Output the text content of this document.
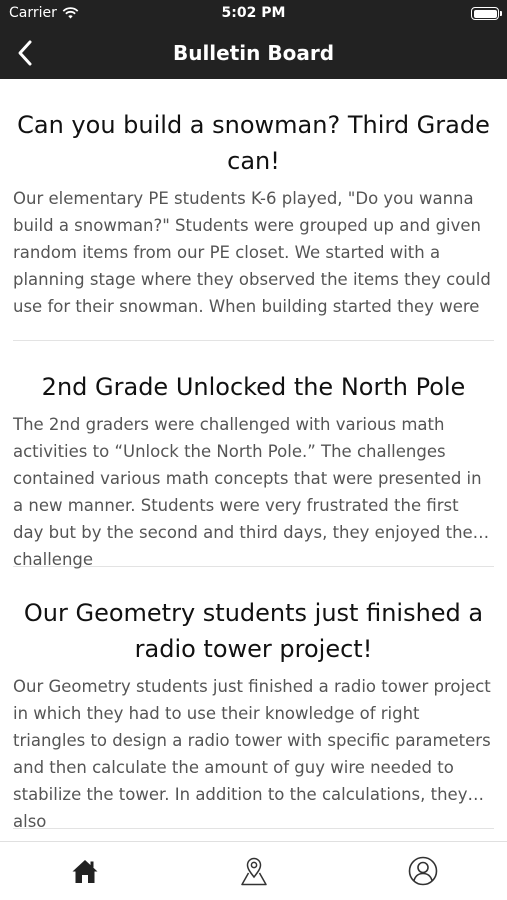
Carrier	5:02 PM
Bulletin Board
Can you build a snowman? Third Grade can!
Our elementary PE students K-6 played, "Do you wanna build a snowman?" Students were grouped up and given random items from our PE closet. We started with a planning stage where they observed the items they could use for their snowman. When building started they were
2nd Grade Unlocked the North Pole
The 2nd graders were challenged with various math activities to “Unlock the North Pole.” The challenges contained various math concepts that were presented in a new manner. Students were very frustrated the first day but by the second and third days, they enjoyed the challenge
Our Geometry students just finished a radio tower project!
Our Geometry students just finished a radio tower project in which they had to use their knowledge of right triangles to design a radio tower with specific parameters and then calculate the amount of guy wire needed to stabilize the tower. In addition to the calculations, they also
